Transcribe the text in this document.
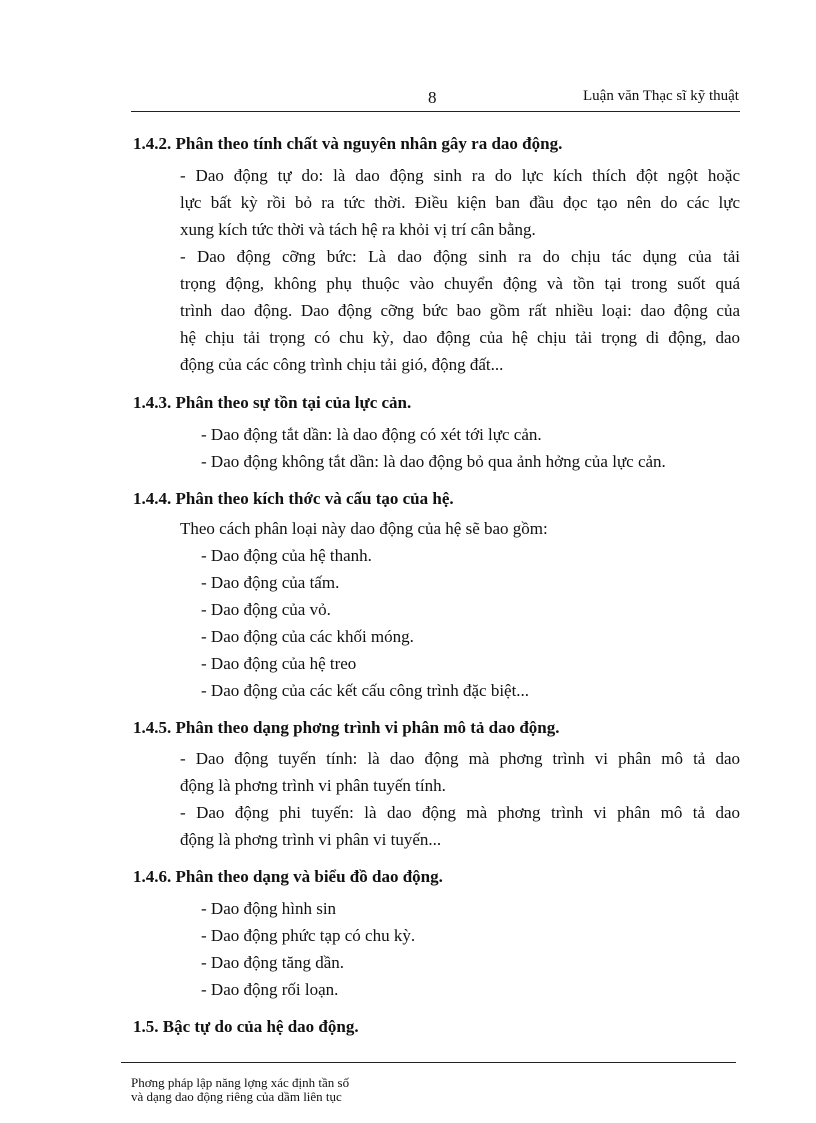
8	Luận văn Thạc sĩ kỹ thuật
1.4.2. Phân theo tính chất và nguyên nhân gây ra dao động.
- Dao động tự do: là dao động sinh ra do lực kích thích đột ngột hoặc
lực bất kỳ rồi bỏ ra tức thời. Điều kiện ban đầu đọc tạo nên do các lực
xung kích tức thời và tách hệ ra khỏi vị trí cân bằng.
- Dao động cỡng bức: Là dao động sinh ra do chịu tác dụng của tải
trọng động, không phụ thuộc vào chuyển động và tồn tại trong suốt quá
trình dao động. Dao động cỡng bức bao gồm rất nhiều loại: dao động của
hệ chịu tải trọng có chu kỳ, dao động của hệ chịu tải trọng di động, dao
động của các công trình chịu tải gió, động đất...
1.4.3. Phân theo sự tồn tại của lực cản.
- Dao động tắt dần: là dao động có xét tới lực cản.
- Dao động không tắt dần: là dao động bỏ qua ảnh hởng của lực cản.
1.4.4. Phân theo kích thớc và cấu tạo của hệ.
Theo cách phân loại này dao động của hệ sẽ bao gồm:
- Dao động của hệ thanh.
- Dao động của tấm.
- Dao động của vỏ.
- Dao động của các khối móng.
- Dao động của hệ treo
- Dao động của các kết cấu công trình đặc biệt...
1.4.5. Phân theo dạng phơng trình vi phân mô tả dao động.
- Dao động tuyến tính: là dao động mà phơng trình vi phân mô tả dao
động là phơng trình vi phân tuyến tính.
- Dao động phi tuyến: là dao động mà phơng trình vi phân mô tả dao
động là phơng trình vi phân vi tuyến...
1.4.6. Phân theo dạng và biểu đồ dao động.
- Dao động hình sin
- Dao động phức tạp có chu kỳ.
- Dao động tăng dần.
- Dao động rối loạn.
1.5. Bậc tự do của hệ dao động.
Phơng pháp lập năng lợng xác định tần số
và dạng dao động riêng của dầm liên tục
